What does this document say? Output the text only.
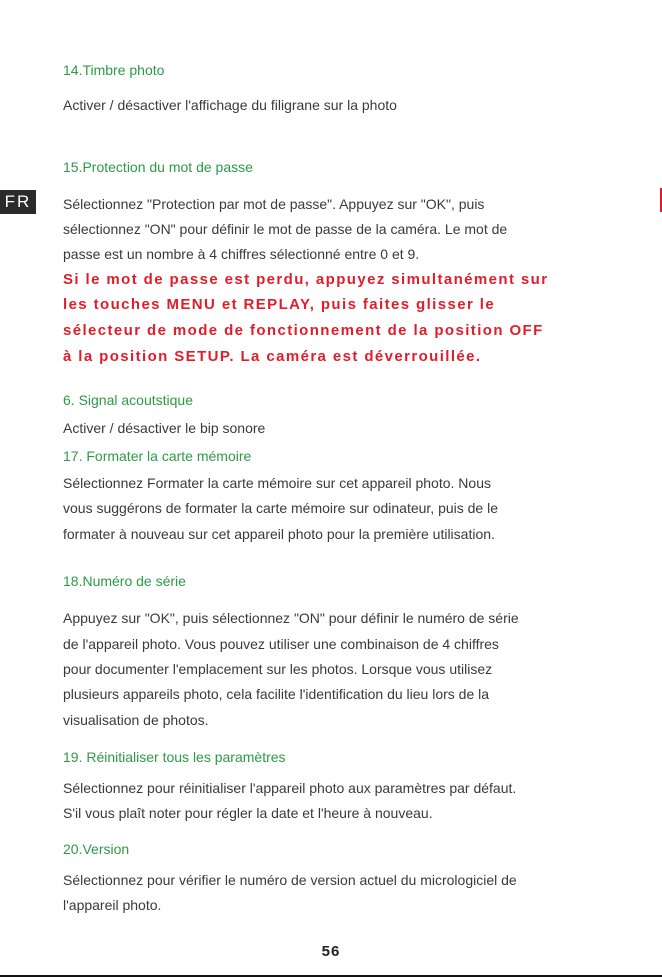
FR

14.Timbre photo

Activer / désactiver l'affichage du filigrane sur la photo

15.Protection du mot de passe

Sélectionnez "Protection par mot de passe". Appuyez sur "OK", puis

sélectionnez "ON" pour définir le mot de passe de la caméra. Le mot de

passe est un nombre à 4 chiffres sélectionné entre 0 et 9.

Si le mot de passe est perdu, appuyez simultanément sur

les touches MENU et REPLAY, puis faites glisser le

sélecteur de mode de fonctionnement de la position OFF

à la position SETUP. La caméra est déverrouillée.

6. Signal acoutstique

Activer / désactiver le bip sonore

17. Formater la carte mémoire

Sélectionnez Formater la carte mémoire sur cet appareil photo. Nous

vous suggérons de formater la carte mémoire sur odinateur, puis de le

formater à nouveau sur cet appareil photo pour la première utilisation.

18.Numéro de série

Appuyez sur "OK", puis sélectionnez "ON" pour définir le numéro de série

de l'appareil photo. Vous pouvez utiliser une combinaison de 4 chiffres

pour documenter l'emplacement sur les photos. Lorsque vous utilisez

plusieurs appareils photo, cela facilite l'identification du lieu lors de la

visualisation de photos.

19. Réinitialiser tous les paramètres

Sélectionnez pour réinitialiser l'appareil photo aux paramètres par défaut.

S'il vous plaît noter pour régler la date et l'heure à nouveau.

20.Version

Sélectionnez pour vérifier le numéro de version actuel du micrologiciel de

l'appareil photo.

56
